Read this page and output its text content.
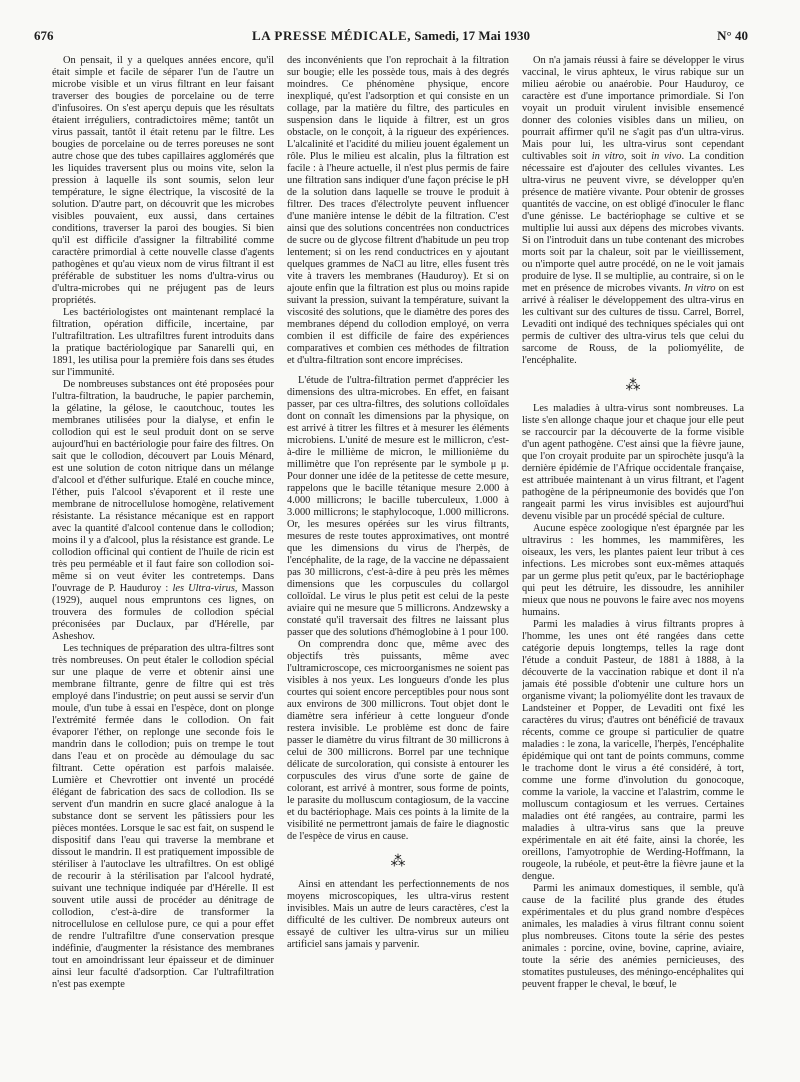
676	LA PRESSE MÉDICALE, Samedi, 17 Mai 1930	N° 40

On pensait, il y a quelques années encore, qu'il était simple et facile de séparer l'un de l'autre un microbe visible et un virus filtrant en leur faisant traverser des bougies de porcelaine ou de terre d'infusoires. On s'est aperçu depuis que les résultats étaient irréguliers, contradictoires même; tantôt un virus passait, tantôt il était retenu par le filtre. Les bougies de porcelaine ou de terres poreuses ne sont autre chose que des tubes capillaires agglomérés que les liquides traversent plus ou moins vite, selon la pression à laquelle ils sont soumis, selon leur température, le signe électrique, la viscosité de la solution. D'autre part, on découvrit que les microbes visibles pouvaient, eux aussi, dans certaines conditions, traverser la paroi des bougies. Si bien qu'il est difficile d'assigner la filtrabilité comme caractère primordial à cette nouvelle classe d'agents pathogènes et qu'au vieux nom de virus filtrant il est préférable de substituer les noms d'ultra-virus ou d'ultra-microbes qui ne préjugent pas de leurs propriétés.

Les bactériologistes ont maintenant remplacé la filtration, opération difficile, incertaine, par l'ultrafiltration. Les ultrafiltres furent introduits dans la pratique bactériologique par Sanarelli qui, en 1891, les utilisa pour la première fois dans ses études sur l'immunité.

De nombreuses substances ont été proposées pour l'ultra-filtration, la baudruche, le papier parchemin, la gélatine, la gélose, le caoutchouc, toutes les membranes utilisées pour la dialyse, et enfin le collodion qui est le seul produit dont on se serve aujourd'hui en bactériologie pour faire des filtres. On sait que le collodion, découvert par Louis Ménard, est une solution de coton nitrique dans un mélange d'alcool et d'éther sulfurique. Etalé en couche mince, l'éther, puis l'alcool s'évaporent et il reste une membrane de nitrocellulose homogène, relativement résistante. La résistance mécanique est en rapport avec la quantité d'alcool contenue dans le collodion; moins il y a d'alcool, plus la résistance est grande. Le collodion officinal qui contient de l'huile de ricin est très peu perméable et il faut faire son collodion soi-même si on veut éviter les contretemps. Dans l'ouvrage de P. Hauduroy : les Ultra-virus, Masson (1929), auquel nous empruntons ces lignes, on trouvera des formules de collodion spécial préconisées par Duclaux, par d'Hérelle, par Asheshov.

Les techniques de préparation des ultra-filtres sont très nombreuses. On peut étaler le collodion spécial sur une plaque de verre et obtenir ainsi une membrane filtrante, genre de filtre qui est très employé dans l'industrie; on peut aussi se servir d'un moule, d'un tube à essai en l'espèce, dont on plonge l'extrémité fermée dans le collodion. On fait évaporer l'éther, on replonge une seconde fois le mandrin dans le collodion; puis on trempe le tout dans l'eau et on procède au démoulage du sac filtrant. Cette opération est parfois malaisée. Lumière et Chevrottier ont inventé un procédé élégant de fabrication des sacs de collodion. Ils se servent d'un mandrin en sucre glacé analogue à la substance dont se servent les pâtissiers pour les pièces montées. Lorsque le sac est fait, on suspend le dispositif dans l'eau qui traverse la membrane et dissout le mandrin. Il est pratiquement impossible de stériliser à l'autoclave les ultrafiltres. On est obligé de recourir à la stérilisation par l'alcool hydraté, suivant une technique indiquée par d'Hérelle. Il est souvent utile aussi de procéder au dénitrage de collodion, c'est-à-dire de transformer la nitrocellulose en cellulose pure, ce qui a pour effet de rendre l'ultrafiltre d'une conservation presque indéfinie, d'augmenter la résistance des membranes tout en amoindrissant leur épaisseur et de diminuer ainsi leur faculté d'adsorption. Car l'ultrafiltration n'est pas exempte

des inconvénients que l'on reprochait à la filtration sur bougie; elle les possède tous, mais à des degrés moindres. Ce phénomène physique, encore inexpliqué, qu'est l'adsorption et qui consiste en un collage, par la matière du filtre, des particules en suspension dans le liquide à filtrer, est un gros obstacle, on le conçoit, à la rigueur des expériences. L'alcalinité et l'acidité du milieu jouent également un rôle. Plus le milieu est alcalin, plus la filtration est facile : à l'heure actuelle, il n'est plus permis de faire une filtration sans indiquer d'une façon précise le pH de la solution dans laquelle se trouve le produit à filtrer. Des traces d'électrolyte peuvent influencer d'une manière intense le débit de la filtration. C'est ainsi que des solutions concentrées non conductrices de sucre ou de glycose filtrent d'habitude un peu trop lentement; si on les rend conductrices en y ajoutant quelques grammes de NaCl au litre, elles fusent très vite à travers les membranes (Hauduroy). Et si on ajoute enfin que la filtration est plus ou moins rapide suivant la pression, suivant la température, suivant la viscosité des solutions, que le diamètre des pores des membranes dépend du collodion employé, on verra combien il est difficile de faire des expériences comparatives et combien ces méthodes de filtration et d'ultra-filtration sont encore imprécises.

L'étude de l'ultra-filtration permet d'apprécier les dimensions des ultra-microbes. En effet, en faisant passer, par ces ultra-filtres, des solutions colloïdales dont on connaît les dimensions par la physique, on est arrivé à titrer les filtres et à mesurer les éléments microbiens. L'unité de mesure est le millicron, c'est-à-dire le millième de micron, le millionième du millimètre que l'on représente par le symbole μ μ. Pour donner une idée de la petitesse de cette mesure, rappelons que le bacille tétanique mesure 2.000 à 4.000 millicrons; le bacille tuberculeux, 1.000 à 3.000 millicrons; le staphylocoque, 1.000 millicrons. Or, les mesures opérées sur les virus filtrants, mesures de reste toutes approximatives, ont montré que les dimensions du virus de l'herpès, de l'encéphalite, de la rage, de la vaccine ne dépassaient pas 30 millicrons, c'est-à-dire à peu près les mêmes dimensions que les corpuscules du collargol colloïdal. Le virus le plus petit est celui de la peste aviaire qui ne mesure que 5 millicrons. Andzewsky a constaté qu'il traversait des filtres ne laissant plus passer que des solutions d'hémoglobine à 1 pour 100.

On comprendra donc que, même avec des objectifs très puissants, même avec l'ultramicroscope, ces microorganismes ne soient pas visibles à nos yeux. Les longueurs d'onde les plus courtes qui soient encore perceptibles pour nous sont aux environs de 300 millicrons. Tout objet dont le diamètre sera inférieur à cette longueur d'onde restera invisible. Le problème est donc de faire passer le diamètre du virus filtrant de 30 millicrons à celui de 300 millicrons. Borrel par une technique délicate de surcoloration, qui consiste à entourer les corpuscules des virus d'une sorte de gaine de colorant, est arrivé à montrer, sous forme de points, le parasite du molluscum contagiosum, de la vaccine et du bactériophage. Mais ces points à la limite de la visibilité ne permettront jamais de faire le diagnostic de l'espèce de virus en cause.

⁂

Ainsi en attendant les perfectionnements de nos moyens microscopiques, les ultra-virus restent invisibles. Mais un autre de leurs caractères, c'est la difficulté de les cultiver. De nombreux auteurs ont essayé de cultiver les ultra-virus sur un milieu artificiel sans jamais y parvenir.

On n'a jamais réussi à faire se développer le virus vaccinal, le virus aphteux, le virus rabique sur un milieu aérobie ou anaérobie. Pour Hauduroy, ce caractère est d'une importance primordiale. Si l'on voyait un produit virulent invisible ensemencé donner des colonies visibles dans un milieu, on pourrait affirmer qu'il ne s'agit pas d'un ultra-virus. Mais pour lui, les ultra-virus sont cependant cultivables soit in vitro, soit in vivo. La condition nécessaire est d'ajouter des cellules vivantes. Les ultra-virus ne peuvent vivre, se développer qu'en présence de matière vivante. Pour obtenir de grosses quantités de vaccine, on est obligé d'inoculer le flanc d'une génisse. Le bactériophage se cultive et se multiplie lui aussi aux dépens des microbes vivants. Si on l'introduit dans un tube contenant des microbes morts soit par la chaleur, soit par le vieillissement, ou n'importe quel autre procédé, on ne le voit jamais produire de lyse. Il se multiplie, au contraire, si on le met en présence de microbes vivants. In vitro on est arrivé à réaliser le développement des ultra-virus en les cultivant sur des cultures de tissu. Carrel, Borrel, Levaditi ont indiqué des techniques spéciales qui ont permis de cultiver des ultra-virus tels que celui du sarcome de Rouss, de la poliomyélite, de l'encéphalite.

⁂

Les maladies à ultra-virus sont nombreuses. La liste s'en allonge chaque jour et chaque jour elle peut se raccourcir par la découverte de la forme visible d'un agent pathogène. C'est ainsi que la fièvre jaune, que l'on croyait produite par un spirochète jusqu'à la dernière épidémie de l'Afrique occidentale française, est attribuée maintenant à un virus filtrant, et l'agent pathogène de la péripneumonie des bovidés que l'on rangeait parmi les virus invisibles est aujourd'hui devenu visible par un procédé spécial de culture.

Aucune espèce zoologique n'est épargnée par les ultravirus : les hommes, les mammifères, les oiseaux, les vers, les plantes paient leur tribut à ces infections. Les microbes sont eux-mêmes attaqués par un germe plus petit qu'eux, par le bactériophage qui peut les détruire, les dissoudre, les annihiler mieux que nous ne pouvons le faire avec nos moyens humains.

Parmi les maladies à virus filtrants propres à l'homme, les unes ont été rangées dans cette catégorie depuis longtemps, telles la rage dont l'étude a conduit Pasteur, de 1881 à 1888, à la découverte de la vaccination rabique et dont il n'a jamais été possible d'obtenir une culture hors un organisme vivant; la poliomyélite dont les travaux de Landsteiner et Popper, de Levaditi ont fixé les caractères du virus; d'autres ont bénéficié de travaux récents, comme ce groupe si particulier de quatre maladies : le zona, la varicelle, l'herpès, l'encéphalite épidémique qui ont tant de points communs, comme le trachome dont le virus a été considéré, à tort, comme une forme d'involution du gonocoque, comme la variole, la vaccine et l'alastrim, comme le molluscum contagiosum et les verrues. Certaines maladies ont été rangées, au contraire, parmi les maladies à ultra-virus sans que la preuve expérimentale en ait été faite, ainsi la chorée, les oreillons, l'amyotrophie de Werding-Hoffmann, la rougeole, la rubéole, et peut-être la fièvre jaune et la dengue.

Parmi les animaux domestiques, il semble, qu'à cause de la facilité plus grande des études expérimentales et du plus grand nombre d'espèces animales, les maladies à virus filtrant connu soient plus nombreuses. Citons toute la série des pestes animales : porcine, ovine, bovine, caprine, aviaire, toute la série des anémies pernicieuses, des stomatites pustuleuses, des méningo-encéphalites qui peuvent frapper le cheval, le bœuf, le
